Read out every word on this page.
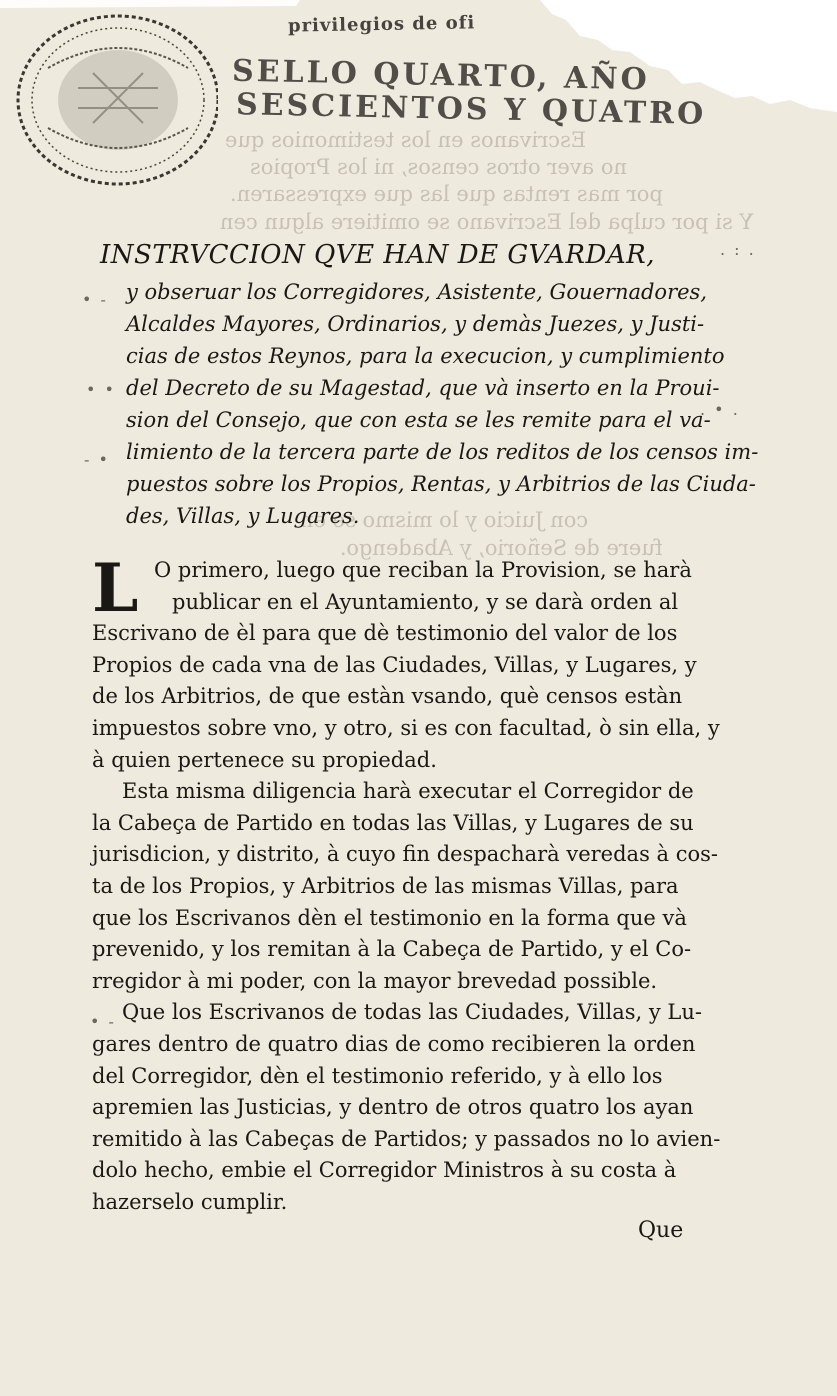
privilegios de ofi
SELLO QUARTO, AÑO
SESCIENTOS Y QUATRO
Escrivanos en los testimonios que
no aver otros censos, ni los Propios
por mas rentas que las que expressaren.
Y si por culpa del Escrivano se omitiere algun cen
con Juicio y lo mismo se en
fuere de Señorio, y Abadengo.
INSTRVCCION QVE HAN DE GVARDAR,
y obseruar los Corregidores, Asistente, Gouernadores,
Alcaldes Mayores, Ordinarios, y demàs Juezes, y Justi-
cias de estos Reynos, para la execucion, y cumplimiento
del Decreto de su Magestad, que và inserto en la Proui-
sion del Consejo, que con esta se les remite para el va-
limiento de la tercera parte de los reditos de los censos im-
puestos sobre los Propios, Rentas, y Arbitrios de las Ciuda-
des, Villas, y Lugares.
L O primero, luego que reciban la Provision, se harà
publicar en el Ayuntamiento, y se darà orden al
Escrivano de èl para que dè testimonio del valor de los
Propios de cada vna de las Ciudades, Villas, y Lugares, y
de los Arbitrios, de que estàn vsando, què censos estàn
impuestos sobre vno, y otro, si es con facultad, ò sin ella, y
à quien pertenece su propiedad.
Esta misma diligencia harà executar el Corregidor de
la Cabeça de Partido en todas las Villas, y Lugares de su
jurisdicion, y distrito, à cuyo fin despacharà veredas à cos-
ta de los Propios, y Arbitrios de las mismas Villas, para
que los Escrivanos dèn el testimonio en la forma que và
prevenido, y los remitan à la Cabeça de Partido, y el Co-
rregidor à mi poder, con la mayor brevedad possible.
Que los Escrivanos de todas las Ciudades, Villas, y Lu-
gares dentro de quatro dias de como recibieren la orden
del Corregidor, dèn el testimonio referido, y à ello los
apremien las Justicias, y dentro de otros quatro los ayan
remitido à las Cabeças de Partidos; y passados no lo avien-
dolo hecho, embie el Corregidor Ministros à su costa à
hazerselo cumplir.
Que
• -
• •
- •
• -
. • .
. : .
